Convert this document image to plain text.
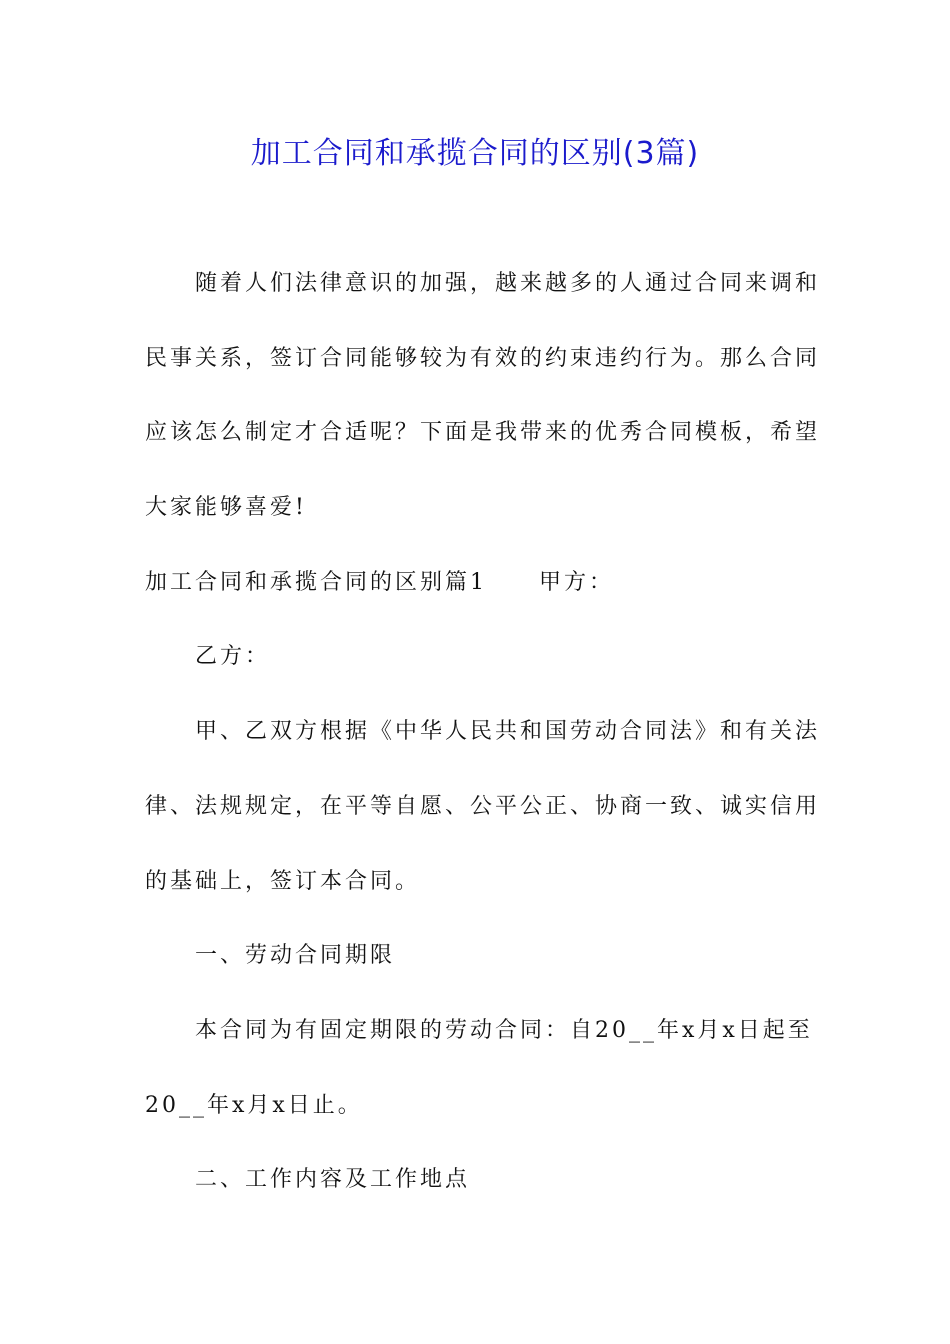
加工合同和承揽合同的区别(3篇)
随着人们法律意识的加强，越来越多的人通过合同来调和
民事关系，签订合同能够较为有效的约束违约行为。那么合同
应该怎么制定才合适呢？下面是我带来的优秀合同模板，希望
大家能够喜爱!
加工合同和承揽合同的区别篇1 甲方：
乙方：
甲、乙双方根据《中华人民共和国劳动合同法》和有关法
律、法规规定，在平等自愿、公平公正、协商一致、诚实信用
的基础上，签订本合同。
一、劳动合同期限
本合同为有固定期限的劳动合同：自20__年x月x日起至
20__年x月x日止。
二、工作内容及工作地点
